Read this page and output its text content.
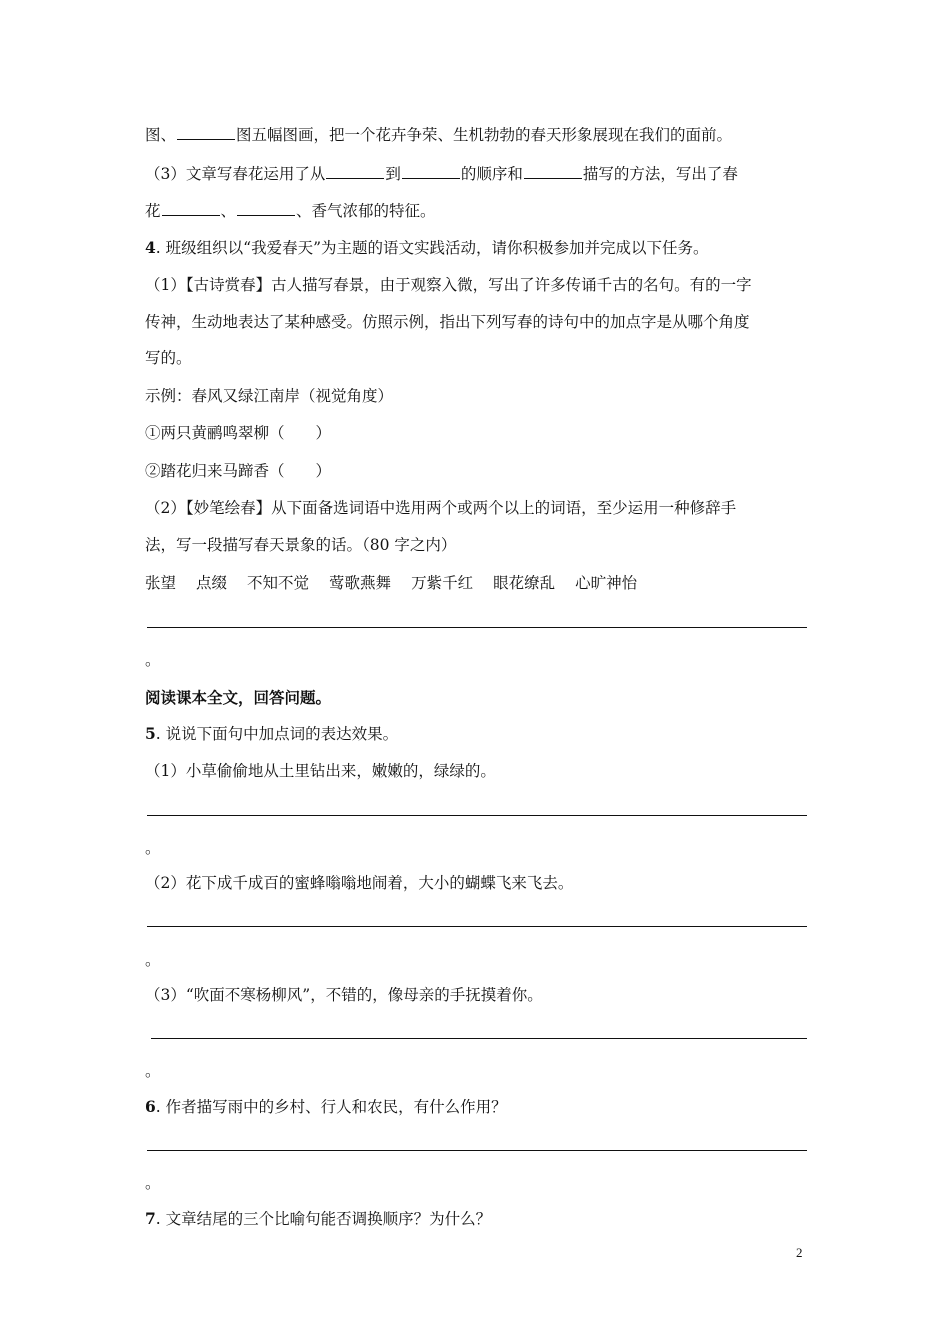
图、	图五幅图画，把一个花卉争荣、生机勃勃的春天形象展现在我们的面前。
（3）文章写春花运用了从	到	的顺序和	描写的方法，写出了春
花	、	、香气浓郁的特征。
4. 班级组织以“我爱春天”为主题的语文实践活动，请你积极参加并完成以下任务。
（1）【古诗赏春】古人描写春景，由于观察入微，写出了许多传诵千古的名句。有的一字
传神，生动地表达了某种感受。仿照示例，指出下列写春的诗句中的加点字是从哪个角度
写的。
示例：春风又绿江南岸（视觉角度）
①两只黄鹂鸣翠柳（　　）
②踏花归来马蹄香（　　）
（2）【妙笔绘春】从下面备选词语中选用两个或两个以上的词语，至少运用一种修辞手
法，写一段描写春天景象的话。（80 字之内）
张望 点缀 不知不觉 莺歌燕舞 万紫千红 眼花缭乱 心旷神怡
。
阅读课本全文，回答问题。
5. 说说下面句中加点词的表达效果。
（1）小草偷偷地从土里钻出来，嫩嫩的，绿绿的。
。
（2）花下成千成百的蜜蜂嗡嗡地闹着，大小的蝴蝶飞来飞去。
。
（3）“吹面不寒杨柳风”，不错的，像母亲的手抚摸着你。
。
6. 作者描写雨中的乡村、行人和农民，有什么作用？
。
7. 文章结尾的三个比喻句能否调换顺序？为什么？
2
